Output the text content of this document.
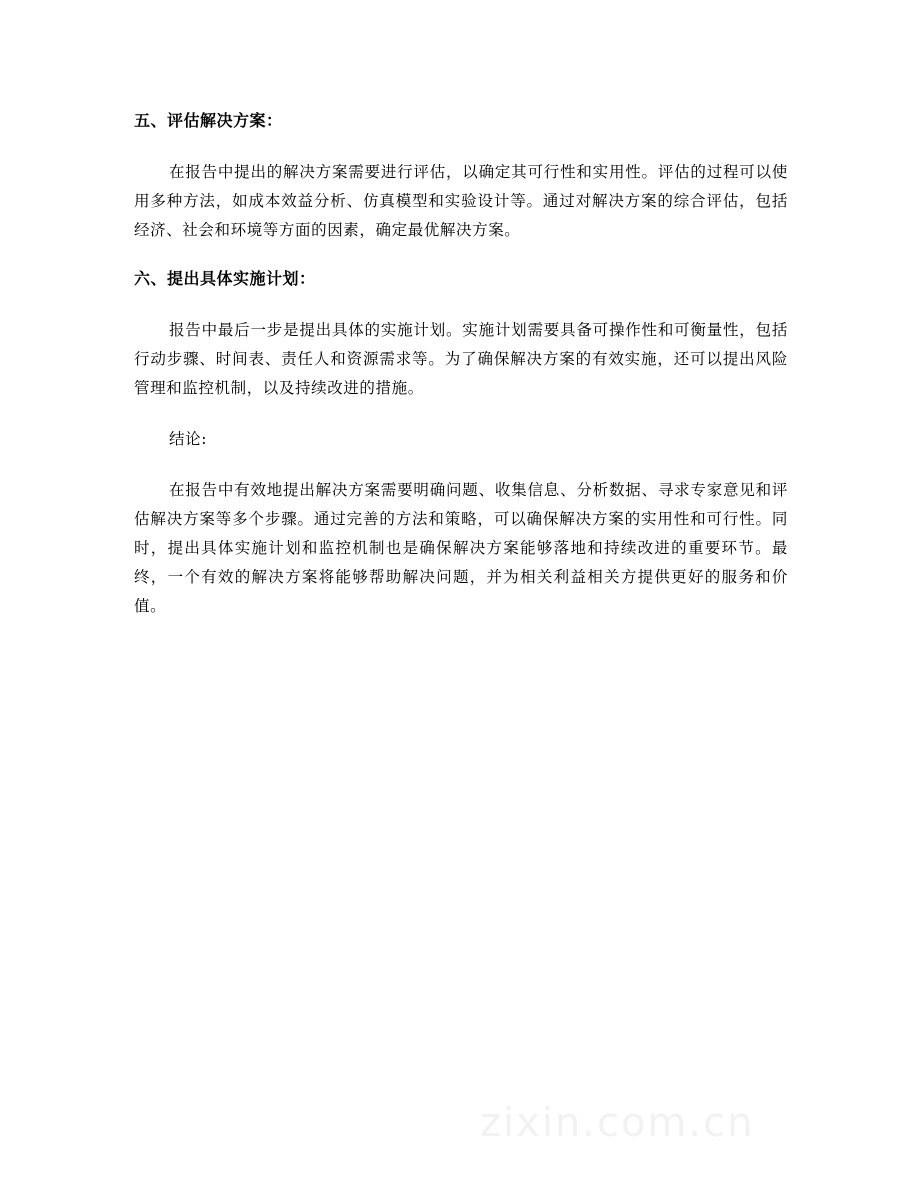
五、评估解决方案：

在报告中提出的解决方案需要进行评估，以确定其可行性和实用性。评估的过程可以使用多种方法，如成本效益分析、仿真模型和实验设计等。通过对解决方案的综合评估，包括经济、社会和环境等方面的因素，确定最优解决方案。

六、提出具体实施计划：

报告中最后一步是提出具体的实施计划。实施计划需要具备可操作性和可衡量性，包括行动步骤、时间表、责任人和资源需求等。为了确保解决方案的有效实施，还可以提出风险管理和监控机制，以及持续改进的措施。

结论:

在报告中有效地提出解决方案需要明确问题、收集信息、分析数据、寻求专家意见和评估解决方案等多个步骤。通过完善的方法和策略，可以确保解决方案的实用性和可行性。同时，提出具体实施计划和监控机制也是确保解决方案能够落地和持续改进的重要环节。最终，一个有效的解决方案将能够帮助解决问题，并为相关利益相关方提供更好的服务和价值。

zixin.com.cn
